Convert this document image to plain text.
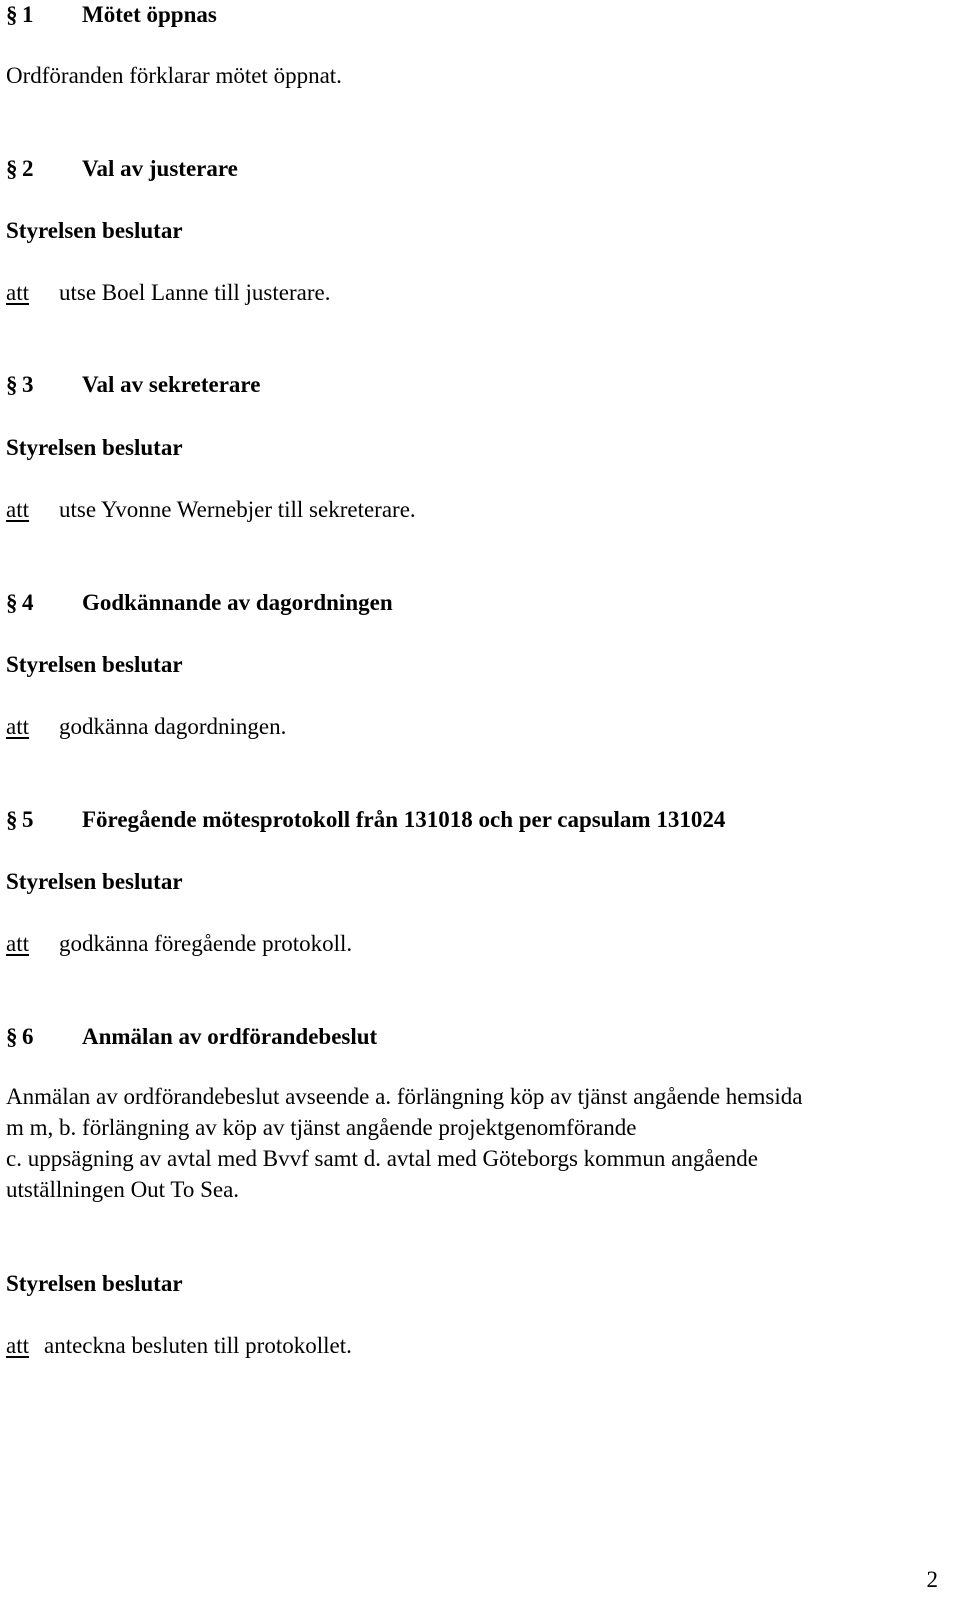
§ 1 Mötet öppnas
Ordföranden förklarar mötet öppnat.
§ 2 Val av justerare
Styrelsen beslutar
att utse Boel Lanne till justerare.
§ 3 Val av sekreterare
Styrelsen beslutar
att utse Yvonne Wernebjer till sekreterare.
§ 4 Godkännande av dagordningen
Styrelsen beslutar
att godkänna dagordningen.
§ 5 Föregående mötesprotokoll från 131018 och per capsulam 131024
Styrelsen beslutar
att godkänna föregående protokoll.
§ 6 Anmälan av ordförandebeslut
Anmälan av ordförandebeslut avseende a. förlängning köp av tjänst angående hemsida
m m, b. förlängning av köp av tjänst angående projektgenomförande
c. uppsägning av avtal med Bvvf samt d. avtal med Göteborgs kommun angående
utställningen Out To Sea.
Styrelsen beslutar
att anteckna besluten till protokollet.
2
